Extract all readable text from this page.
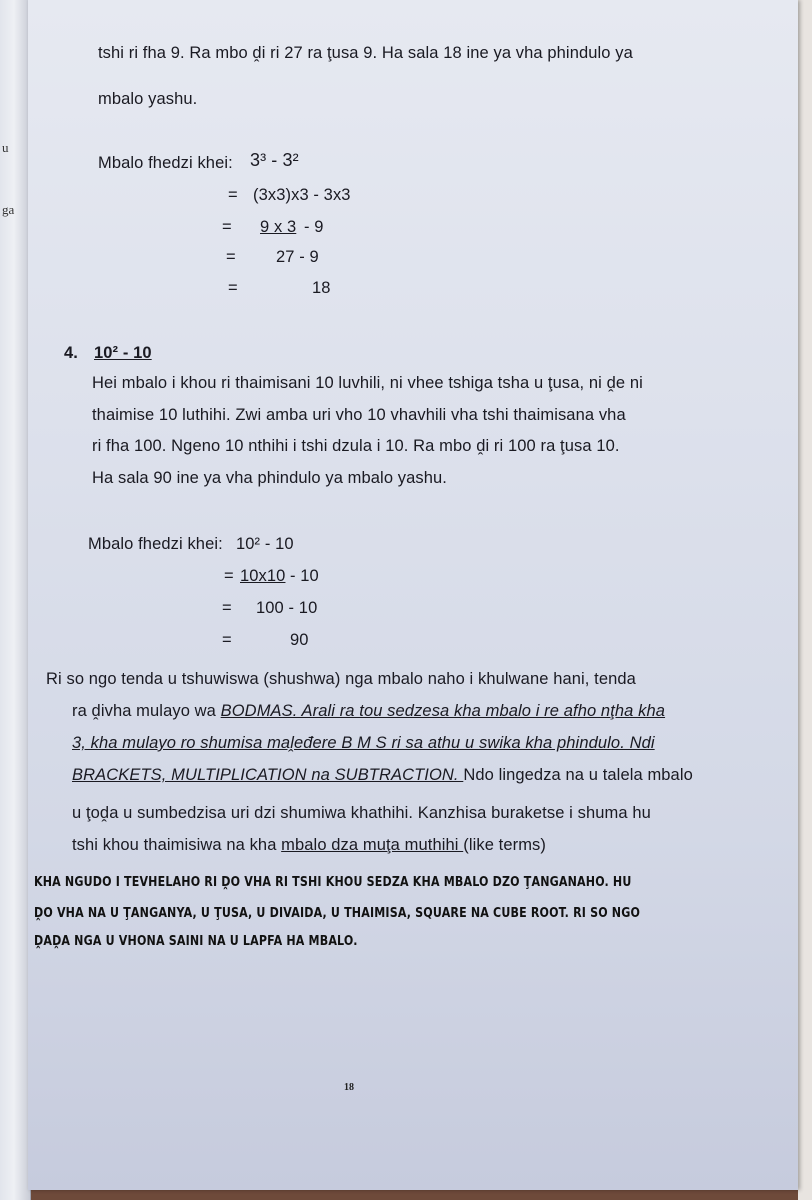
u
ga
tshi ri fha 9. Ra mbo ḓi ri 27 ra ţusa 9. Ha sala 18 ine ya vha phindulo ya
mbalo yashu.
Mbalo fhedzi khei: 3³ - 3²
= (3x3)x3 - 3x3
= 9 x 3 - 9
= 27 - 9
=	18
4. 10² - 10
Hei mbalo i khou ri thaimisani 10 luvhili, ni vhee tshiga tsha u ţusa, ni ḓe ni
thaimise 10 luthihi. Zwi amba uri vho 10 vhavhili vha tshi thaimisana vha
ri fha 100. Ngeno 10 nthihi i tshi dzula i 10. Ra mbo ḓi ri 100 ra ţusa 10.
Ha sala 90 ine ya vha phindulo ya mbalo yashu.
Mbalo fhedzi khei: 10² - 10
= 10x10 - 10
= 100 - 10
=	90
Ri so ngo tenda u tshuwiswa (shushwa) nga mbalo naho i khulwane hani, tenda
ra ḓivha mulayo wa BODMAS. Arali ra tou sedzesa kha mbalo i re afho nţha kha
3, kha mulayo ro shumisa maḽeđere B M S ri sa athu u swika kha phindulo. Ndi
BRACKETS, MULTIPLICATION na SUBTRACTION. Ndo lingedza na u talela mbalo
u ţoḓa u sumbedzisa uri dzi shumiwa khathihi. Kanzhisa buraketse i shuma hu
tshi khou thaimisiwa na kha mbalo dza muţa muthihi (like terms)
KHA NGUDO I TEVHELAHO RI ḒO VHA RI TSHI KHOU SEDZA KHA MBALO DZO ŢANGANAHO. HU
ḒO VHA NA U ŢANGANYA, U ŢUSA, U DIVAIDA, U THAIMISA, SQUARE NA CUBE ROOT. RI SO NGO
ḒAḒA NGA U VHONA SAINI NA U LAPFA HA MBALO.
18
